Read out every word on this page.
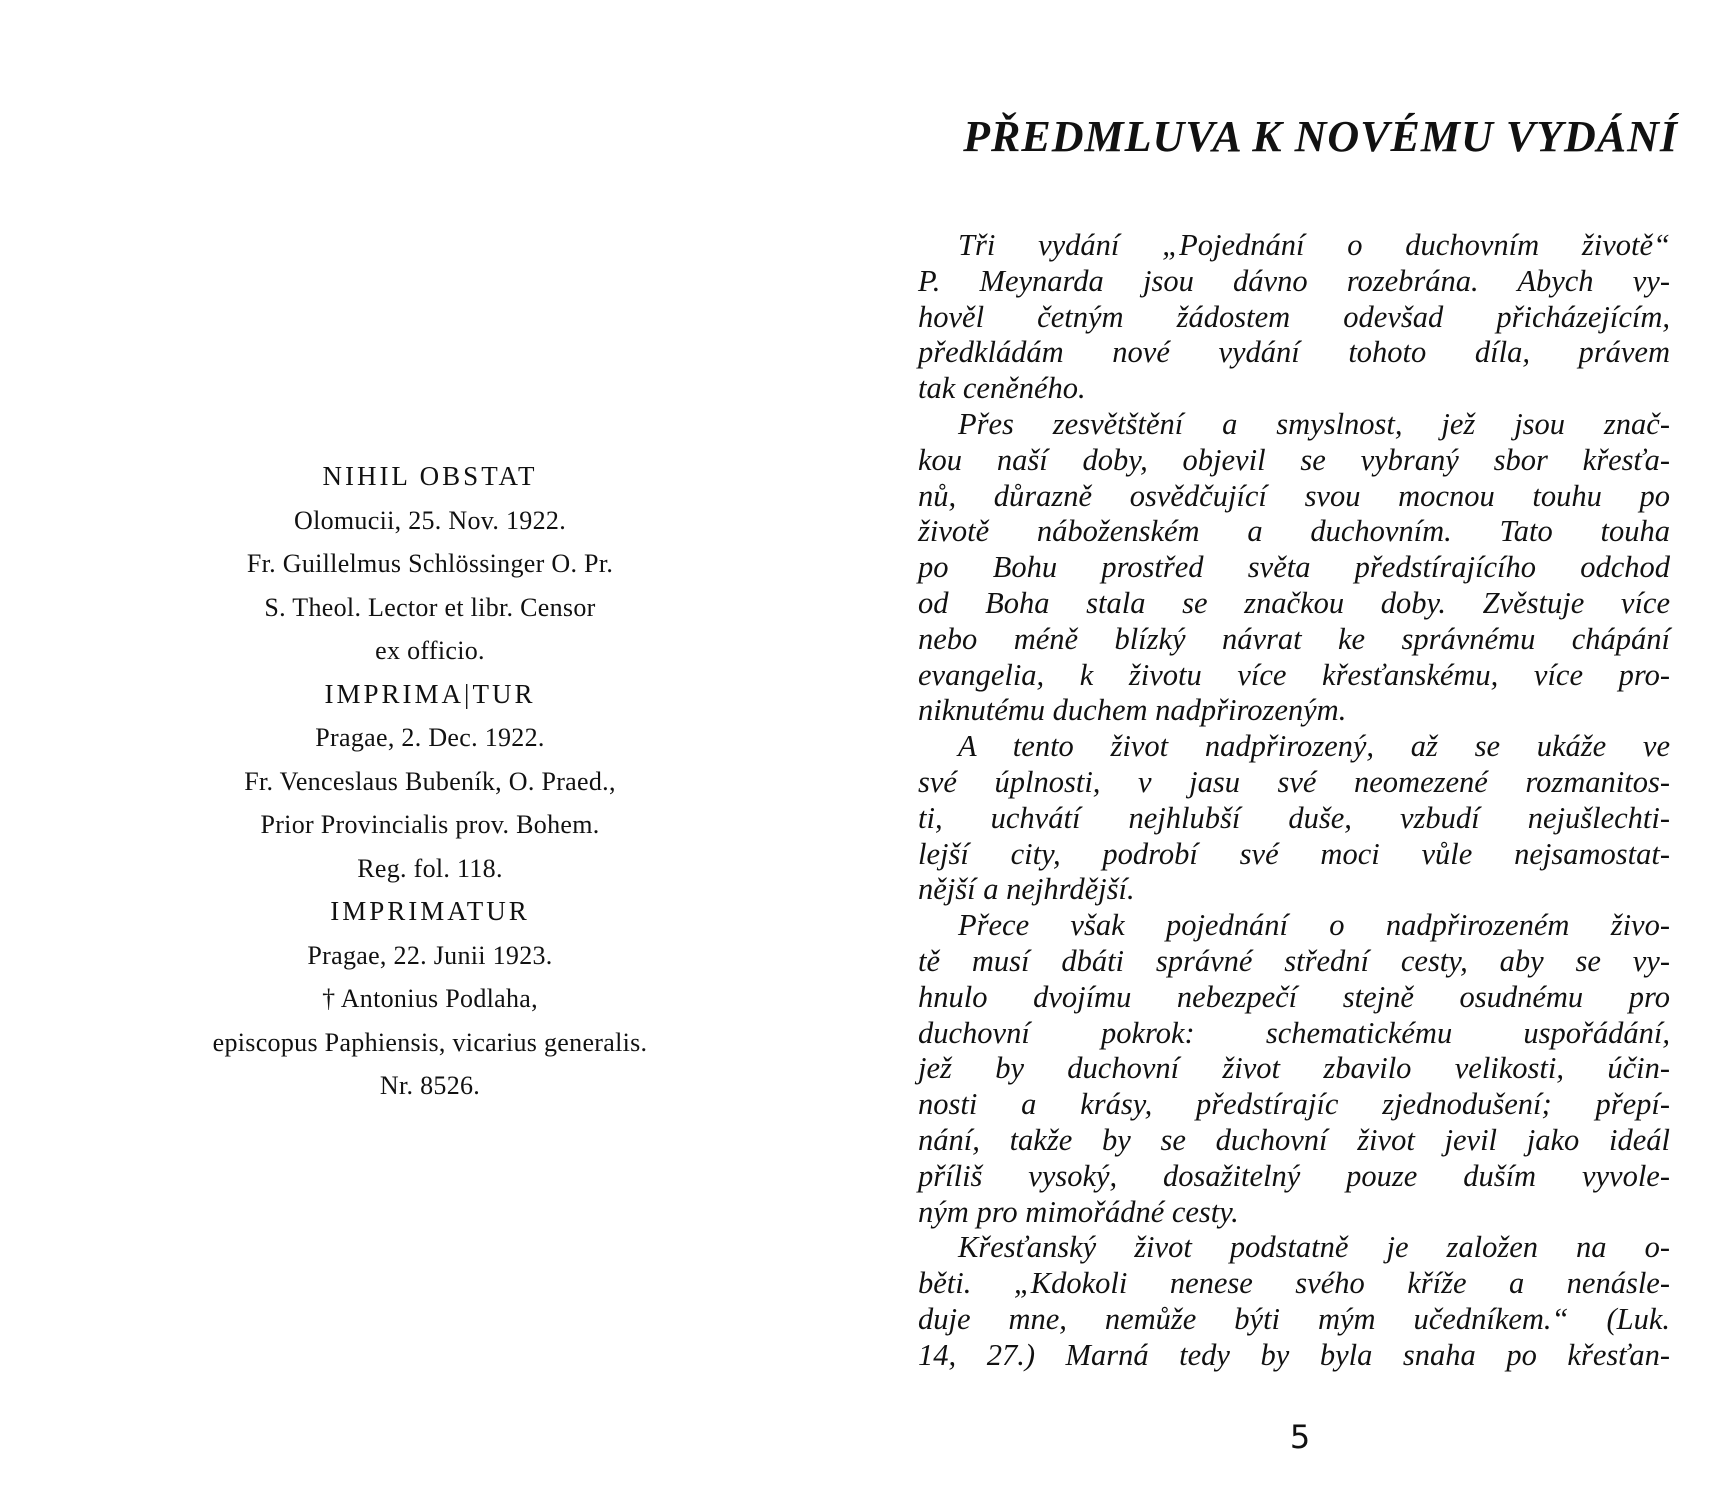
NIHIL OBSTAT
Olomucii, 25. Nov. 1922.
Fr. Guillelmus Schlössinger O. Pr.
S. Theol. Lector et libr. Censor
ex officio.
IMPRIMA|TUR
Pragae, 2. Dec. 1922.
Fr. Venceslaus Bubeník, O. Praed.,
Prior Provincialis prov. Bohem.
Reg. fol. 118.
IMPRIMATUR
Pragae, 22. Junii 1923.
† Antonius Podlaha,
episcopus Paphiensis, vicarius generalis.
Nr. 8526.
PŘEDMLUVA K NOVÉMU VYDÁNÍ
Tři vydání „Pojednání o duchovním životě“
P. Meynarda jsou dávno rozebrána. Abych vy-
hověl četným žádostem odevšad přicházejícím,
předkládám nové vydání tohoto díla, právem
tak ceněného.
Přes zesvětštění a smyslnost, jež jsou znač-
kou naší doby, objevil se vybraný sbor křesťa-
nů, důrazně osvědčující svou mocnou touhu po
životě náboženském a duchovním. Tato touha
po Bohu prostřed světa předstírajícího odchod
od Boha stala se značkou doby. Zvěstuje více
nebo méně blízký návrat ke správnému chápání
evangelia, k životu více křesťanskému, více pro-
niknutému duchem nadpřirozeným.
A tento život nadpřirozený, až se ukáže ve
své úplnosti, v jasu své neomezené rozmanitos-
ti, uchvátí nejhlubší duše, vzbudí nejušlechti-
lejší city, podrobí své moci vůle nejsamostat-
nější a nejhrdější.
Přece však pojednání o nadpřirozeném živo-
tě musí dbáti správné střední cesty, aby se vy-
hnulo dvojímu nebezpečí stejně osudnému pro
duchovní pokrok: schematickému uspořádání,
jež by duchovní život zbavilo velikosti, účin-
nosti a krásy, předstírajíc zjednodušení; přepí-
nání, takže by se duchovní život jevil jako ideál
příliš vysoký, dosažitelný pouze duším vyvole-
ným pro mimořádné cesty.
Křesťanský život podstatně je založen na o-
běti. „Kdokoli nenese svého kříže a nenásle-
duje mne, nemůže býti mým učedníkem.“ (Luk.
14, 27.) Marná tedy by byla snaha po křesťan-

5
